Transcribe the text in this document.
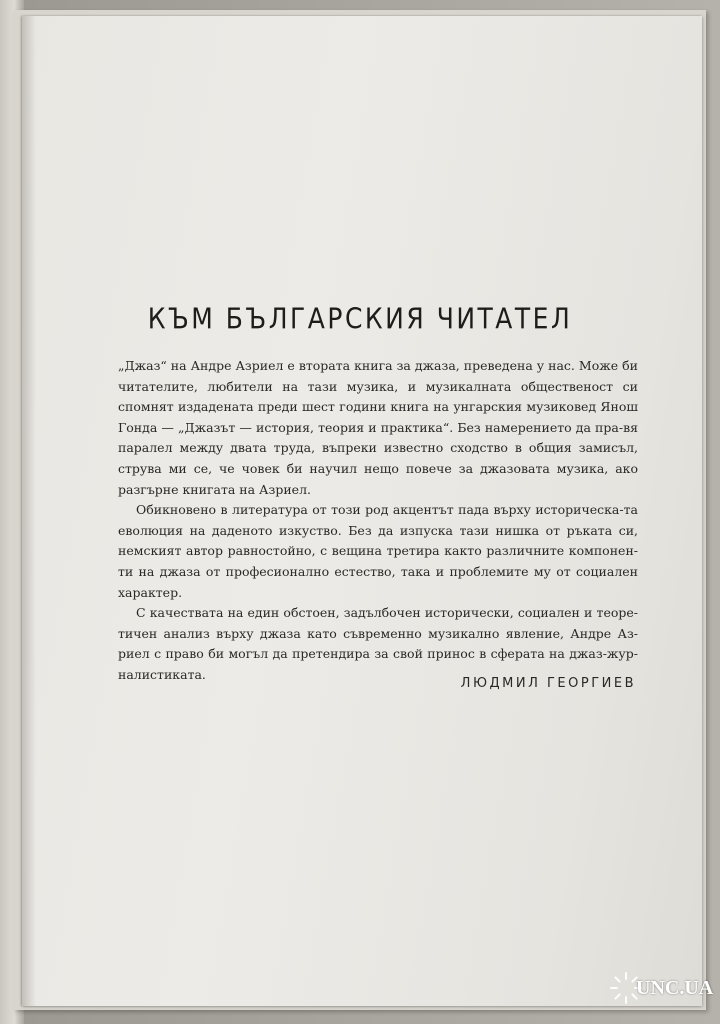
КЪМ БЪЛГАРСКИЯ ЧИТАТЕЛ

„Джаз“ на Андре Азриел е втората книга за джаза, преведена у нас. Може би читателите, любители на тази музика, и музикалната общественост си спомнят издадената преди шест години книга на унгарския музиковед Янош Гонда — „Джазът — история, теория и практика“. Без намерението да пра-вя паралел между двата труда, въпреки известно сходство в общия замисъл, струва ми се, че човек би научил нещо повече за джазовата музика, ако разгърне книгата на Азриел.

Обикновено в литература от този род акцентът пада върху историческа-та еволюция на даденото изкуство. Без да изпуска тази нишка от ръката си, немският автор равностойно, с вещина третира както различните компонен-ти на джаза от професионално естество, така и проблемите му от социален характер.

С качествата на един обстоен, задълбочен исторически, социален и теоре-тичен анализ върху джаза като съвременно музикално явление, Андре Аз-риел с право би могъл да претендира за свой принос в сферата на джаз-жур-налистиката.

ЛЮДМИЛ ГЕОРГИЕВ
UNC.UA
